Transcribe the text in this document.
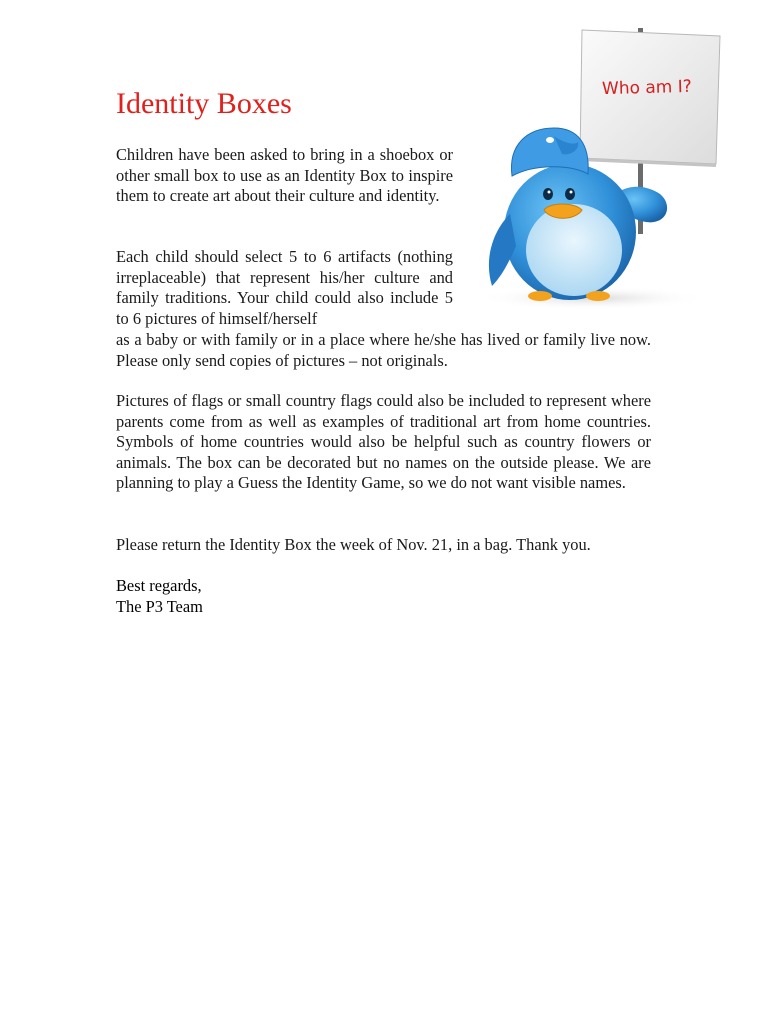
Identity Boxes	Who am I?

Children have been asked to bring in a shoebox or other small box to use as an Identity Box to inspire them to create art about their culture and identity.

Each child should select 5 to 6 artifacts (nothing irreplaceable) that represent his/her culture and family traditions. Your child could also include 5 to 6 pictures of himself/herself

as a baby or with family or in a place where he/she has lived or family live now. Please only send copies of pictures – not originals.

Pictures of flags or small country flags could also be included to represent where parents come from as well as examples of traditional art from home countries. Symbols of home countries would also be helpful such as country flowers or animals. The box can be decorated but no names on the outside please. We are planning to play a Guess the Identity Game, so we do not want visible names.

Please return the Identity Box the week of Nov. 21, in a bag. Thank you.

Best regards,
The P3 Team
